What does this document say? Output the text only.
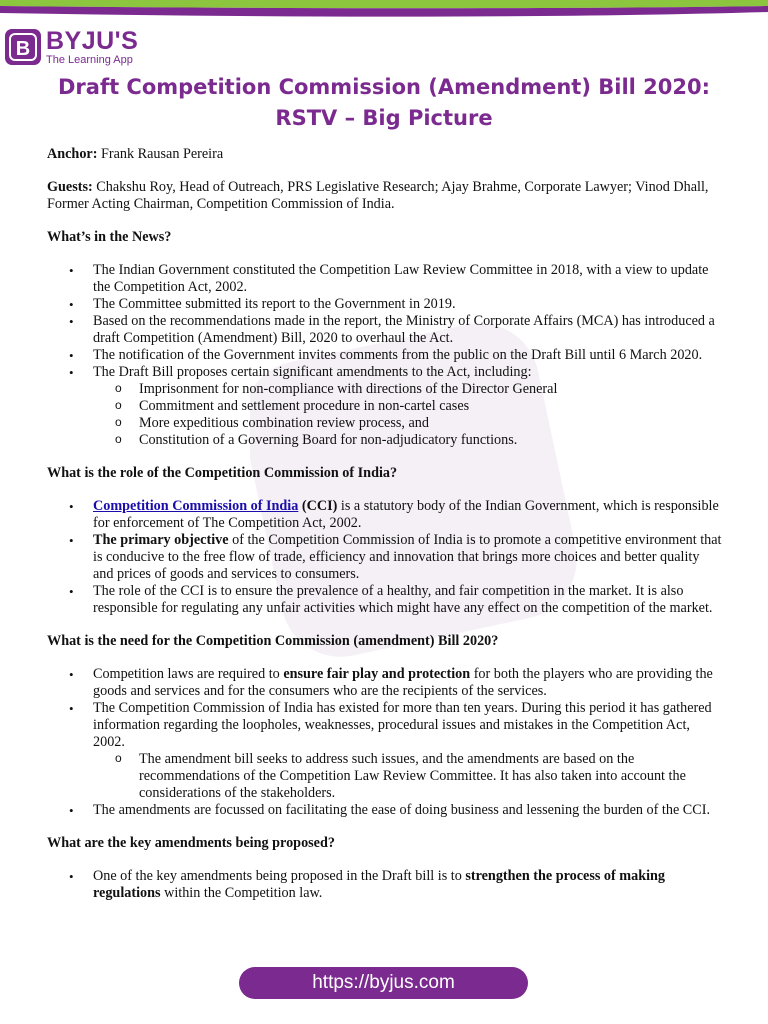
B BYJU'S
The Learning App
Draft Competition Commission (Amendment) Bill 2020:
RSTV – Big Picture

Anchor: Frank Rausan Pereira

Guests: Chakshu Roy, Head of Outreach, PRS Legislative Research; Ajay Brahme, Corporate Lawyer; Vinod Dhall, Former Acting Chairman, Competition Commission of India.

What’s in the News?
• The Indian Government constituted the Competition Law Review Committee in 2018, with a view to update the Competition Act, 2002.
• The Committee submitted its report to the Government in 2019.
• Based on the recommendations made in the report, the Ministry of Corporate Affairs (MCA) has introduced a draft Competition (Amendment) Bill, 2020 to overhaul the Act.
• The notification of the Government invites comments from the public on the Draft Bill until 6 March 2020.
• The Draft Bill proposes certain significant amendments to the Act, including:
o Imprisonment for non-compliance with directions of the Director General
o Commitment and settlement procedure in non-cartel cases
o More expeditious combination review process, and
o Constitution of a Governing Board for non-adjudicatory functions.
What is the role of the Competition Commission of India?
• Competition Commission of India (CCI) is a statutory body of the Indian Government, which is responsible for enforcement of The Competition Act, 2002.
• The primary objective of the Competition Commission of India is to promote a competitive environment that is conducive to the free flow of trade, efficiency and innovation that brings more choices and better quality and prices of goods and services to consumers.
• The role of the CCI is to ensure the prevalence of a healthy, and fair competition in the market. It is also responsible for regulating any unfair activities which might have any effect on the competition of the market.
What is the need for the Competition Commission (amendment) Bill 2020?
• Competition laws are required to ensure fair play and protection for both the players who are providing the goods and services and for the consumers who are the recipients of the services.
• The Competition Commission of India has existed for more than ten years. During this period it has gathered information regarding the loopholes, weaknesses, procedural issues and mistakes in the Competition Act, 2002.
o The amendment bill seeks to address such issues, and the amendments are based on the recommendations of the Competition Law Review Committee. It has also taken into account the considerations of the stakeholders.
• The amendments are focussed on facilitating the ease of doing business and lessening the burden of the CCI.
What are the key amendments being proposed?
• One of the key amendments being proposed in the Draft bill is to strengthen the process of making regulations within the Competition law.
https://byjus.com
